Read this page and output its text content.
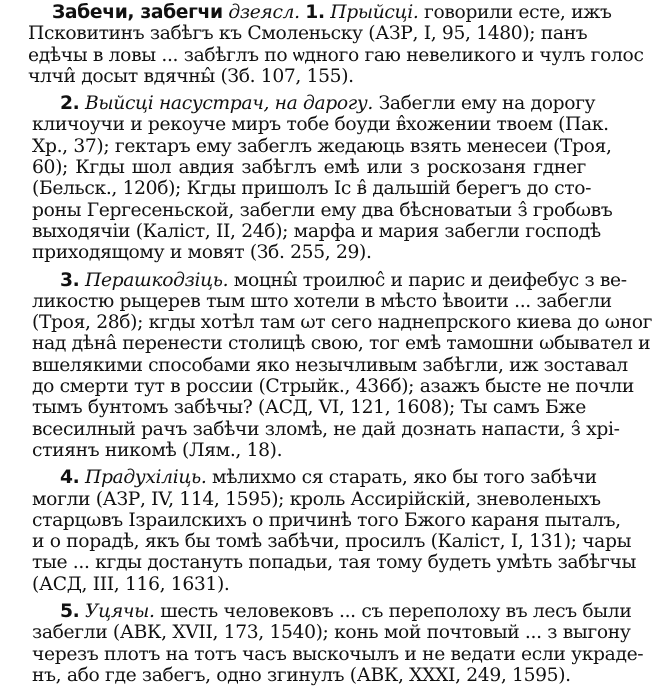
Забечи, забегчи дзеясл. 1. Прыйсці. говорили есте, ижъ
Псковитинъ забѣгъ къ Смоленьску (АЗР, I, 95, 1480); панъ
едѣчы в ловы ... забѣглъ по ѡдного гаю невеликого и чулъ голос
члчи̂ досыт вдячны̂ (Зб. 107, 155).
2. Выйсці насустрач, на дарогу. Забегли ему на дорогу
кличоучи и рекоуче миръ тобе боуди в̂хожении твоем (Пак.
Хр., 37); гектаръ ему забеглъ жедаюць взять менесеи (Троя,
60); Кгды шол авдия забѣглъ емѣ или з роскозаня гднег
(Бельск., 120б); Кгды пришолъ Іс в̂ дальшій берегъ до сто-
роны Гергесеньской, забегли ему два бѣсноватыи з̂ гробωвъ
выходячіи (Каліст, II, 24б); марфа и мария забегли господѣ
приходящому и мовят (Зб. 255, 29).
3. Перашкодзіць. моцны̂ троилюс̂ и парис и деифебус з ве-
ликостю рыцерев тым што хотели в мѣсто ѣвоити ... забегли
(Троя, 28б); кгды хотѣл там ωт сего наднепрского киева до ωног
над дѣна̂ перенести столицѣ свою, тог емѣ тамошни ωбывател и
вшелякими способами яко незычливым забѣгли, иж зоставал
до смерти тут в россии (Стрыйк., 436б); азажъ бысте не почли
тымъ бунтомъ забѣчы? (АСД, VI, 121, 1608); Ты самъ Бже
всесилный рачъ забѣчи зломѣ, не дай дознать напасти, з̂ хрі-
стиянъ никомѣ (Лям., 18).
4. Прадухіліць. мѣлихмо ся старать, яко бы того забѣчи
могли (АЗР, IV, 114, 1595); кроль Ассирійскій, зневоленыхъ
старцωвъ Ізраилскихъ о причинѣ того Бжого караня пыталъ,
и о порадѣ, якъ бы томѣ забѣчи, просилъ (Каліст, I, 131); чары
тые ... кгды достануть попадьи, тая тому будеть умѣть забѣгчы
(АСД, III, 116, 1631).
5. Уцячы. шесть человековъ ... съ переполоху въ лесъ были
забегли (АВК, XVII, 173, 1540); конь мой почтовый ... з выгону
черезъ плотъ на тотъ часъ выскочылъ и не ведати если украде-
нъ, або где забегъ, одно згинулъ (АВК, XXXI, 249, 1595).
